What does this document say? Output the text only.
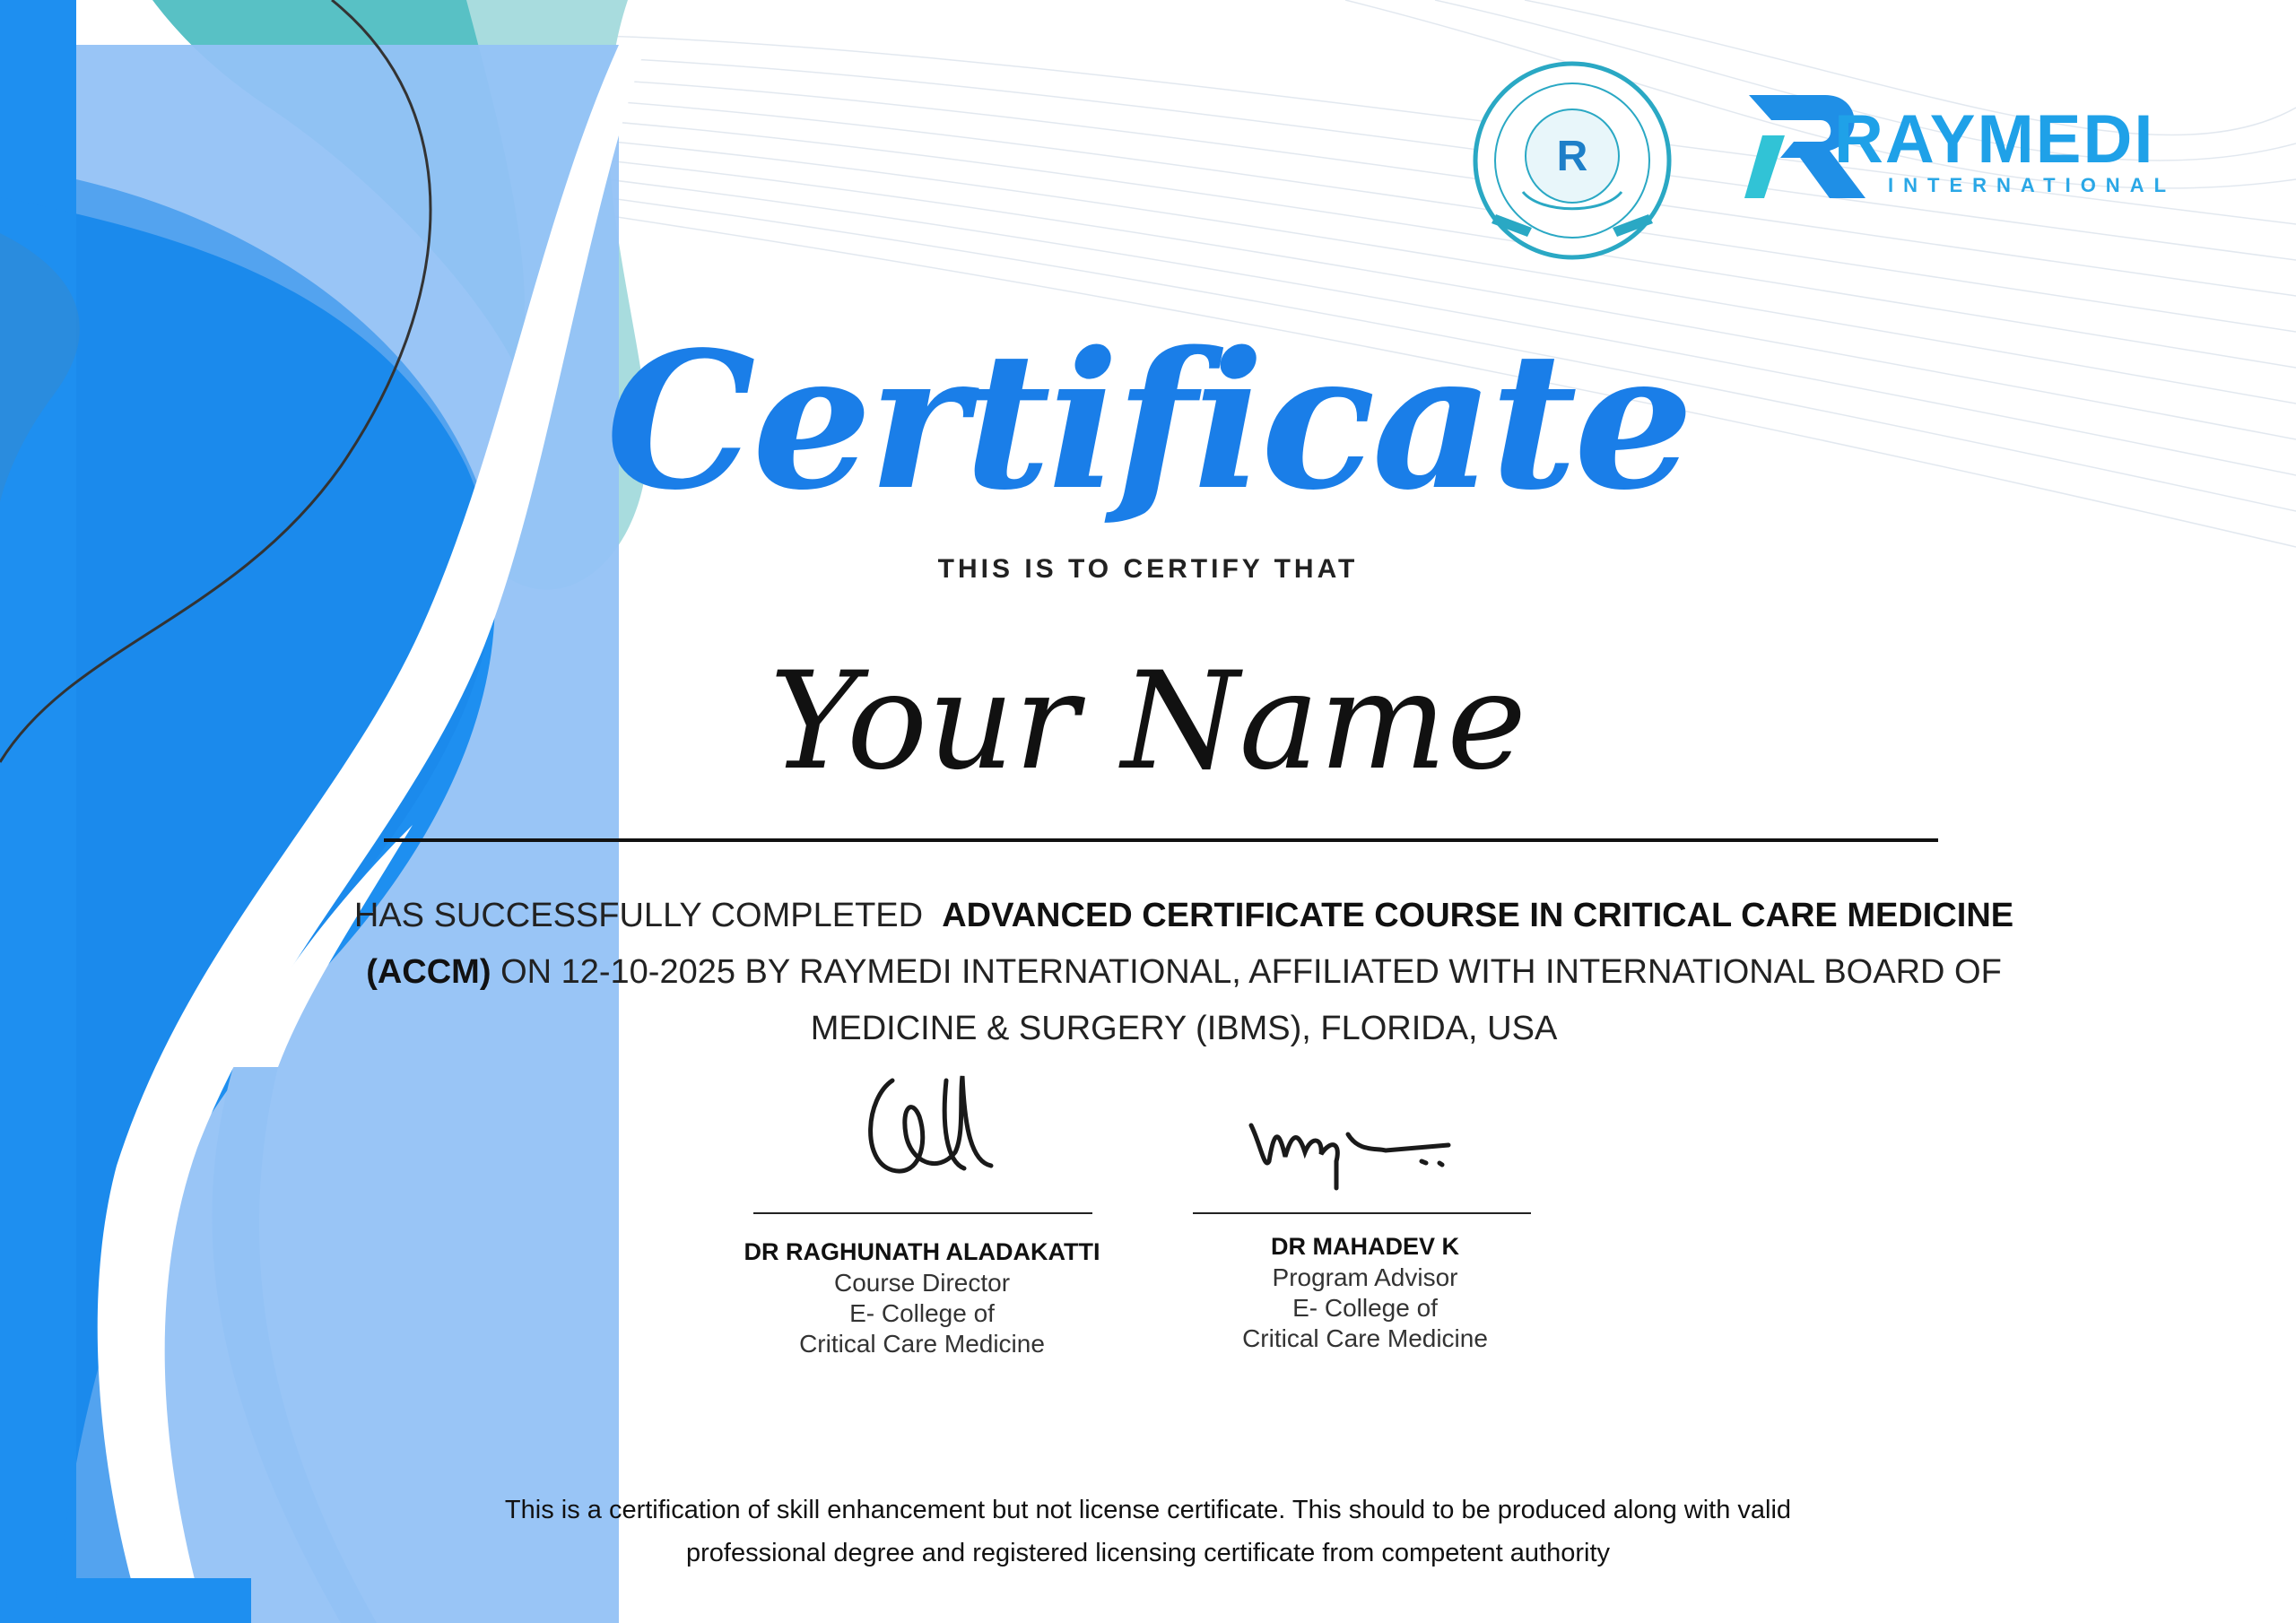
R	RAYMEDI
INTERNATIONAL
Certificate
THIS IS TO CERTIFY THAT
Your Name
HAS SUCCESSFULLY COMPLETED ADVANCED CERTIFICATE COURSE IN CRITICAL CARE MEDICINE (ACCM) ON 12-10-2025 BY RAYMEDI INTERNATIONAL, AFFILIATED WITH INTERNATIONAL BOARD OF MEDICINE & SURGERY (IBMS), FLORIDA, USA
DR RAGHUNATH ALADAKATTI
Course Director
E- College of
Critical Care Medicine
DR MAHADEV K
Program Advisor
E- College of
Critical Care Medicine
This is a certification of skill enhancement but not license certificate. This should to be produced along with valid
professional degree and registered licensing certificate from competent authority
